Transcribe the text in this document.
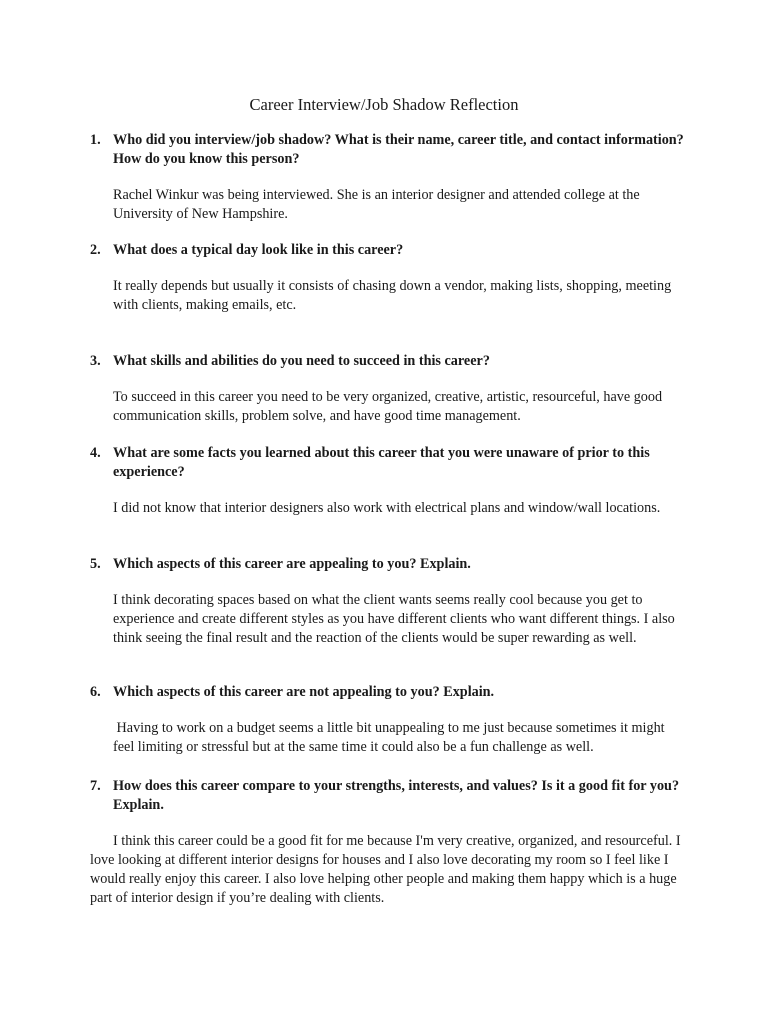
Career Interview/Job Shadow Reflection
1. Who did you interview/job shadow? What is their name, career title, and contact information? How do you know this person?
Rachel Winkur was being interviewed. She is an interior designer and attended college at the University of New Hampshire.
2. What does a typical day look like in this career?
It really depends but usually it consists of chasing down a vendor, making lists, shopping, meeting with clients, making emails, etc.
3. What skills and abilities do you need to succeed in this career?
To succeed in this career you need to be very organized, creative, artistic, resourceful, have good communication skills, problem solve, and have good time management.
4. What are some facts you learned about this career that you were unaware of prior to this experience?
I did not know that interior designers also work with electrical plans and window/wall locations.
5. Which aspects of this career are appealing to you? Explain.
I think decorating spaces based on what the client wants seems really cool because you get to experience and create different styles as you have different clients who want different things. I also think seeing the final result and the reaction of the clients would be super rewarding as well.
6. Which aspects of this career are not appealing to you? Explain.
Having to work on a budget seems a little bit unappealing to me just because sometimes it might feel limiting or stressful but at the same time it could also be a fun challenge as well.
7. How does this career compare to your strengths, interests, and values? Is it a good fit for you? Explain.
I think this career could be a good fit for me because I'm very creative, organized, and resourceful. I love looking at different interior designs for houses and I also love decorating my room so I feel like I would really enjoy this career. I also love helping other people and making them happy which is a huge part of interior design if you’re dealing with clients.
